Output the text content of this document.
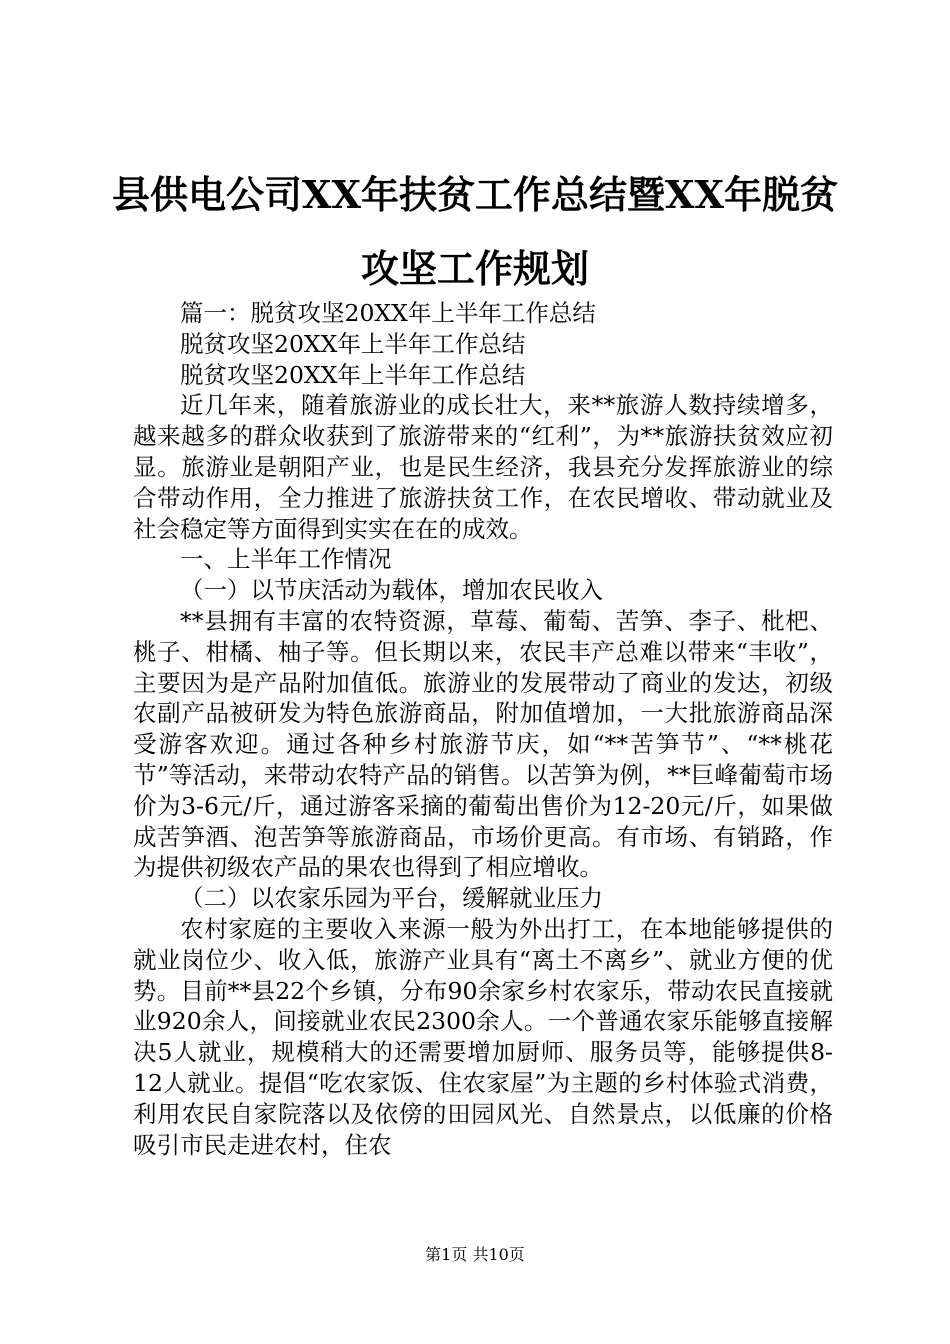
县供电公司XX年扶贫工作总结暨XX年脱贫攻坚工作规划

篇一：脱贫攻坚20XX年上半年工作总结

脱贫攻坚20XX年上半年工作总结

脱贫攻坚20XX年上半年工作总结

近几年来，随着旅游业的成长壮大，来**旅游人数持续增多，越来越多的群众收获到了旅游带来的“红利”，为**旅游扶贫效应初显。旅游业是朝阳产业，也是民生经济，我县充分发挥旅游业的综合带动作用，全力推进了旅游扶贫工作，在农民增收、带动就业及社会稳定等方面得到实实在在的成效。

一、上半年工作情况

（一）以节庆活动为载体，增加农民收入

**县拥有丰富的农特资源，草莓、葡萄、苦笋、李子、枇杷、桃子、柑橘、柚子等。但长期以来，农民丰产总难以带来“丰收”，主要因为是产品附加值低。旅游业的发展带动了商业的发达，初级农副产品被研发为特色旅游商品，附加值增加，一大批旅游商品深受游客欢迎。通过各种乡村旅游节庆，如“**苦笋节”、“**桃花节”等活动，来带动农特产品的销售。以苦笋为例，**巨峰葡萄市场价为3-6元/斤，通过游客采摘的葡萄出售价为12-20元/斤，如果做成苦笋酒、泡苦笋等旅游商品，市场价更高。有市场、有销路，作为提供初级农产品的果农也得到了相应增收。

（二）以农家乐园为平台，缓解就业压力

农村家庭的主要收入来源一般为外出打工，在本地能够提供的就业岗位少、收入低，旅游产业具有“离土不离乡”、就业方便的优势。目前**县22个乡镇，分布90余家乡村农家乐，带动农民直接就业920余人，间接就业农民2300余人。一个普通农家乐能够直接解决5人就业，规模稍大的还需要增加厨师、服务员等，能够提供8-12人就业。提倡“吃农家饭、住农家屋”为主题的乡村体验式消费，利用农民自家院落以及依傍的田园风光、自然景点，以低廉的价格吸引市民走进农村，住农

第1页 共10页
